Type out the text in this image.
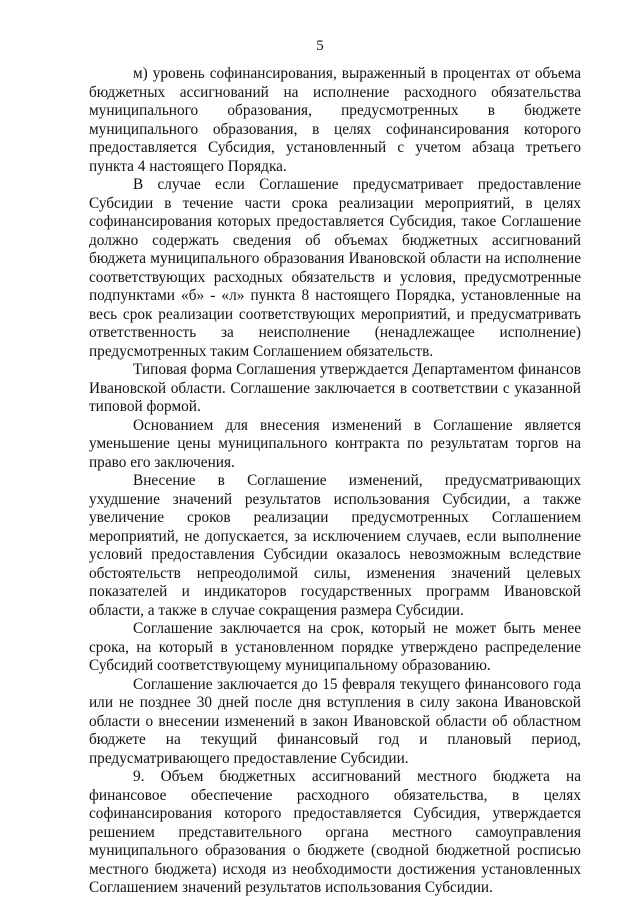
5

м) уровень софинансирования, выраженный в процентах от объема бюджетных ассигнований на исполнение расходного обязательства муниципального образования, предусмотренных в бюджете муниципального образования, в целях софинансирования которого предоставляется Субсидия, установленный с учетом абзаца третьего пункта 4 настоящего Порядка.

В случае если Соглашение предусматривает предоставление Субсидии в течение части срока реализации мероприятий, в целях софинансирования которых предоставляется Субсидия, такое Соглашение должно содержать сведения об объемах бюджетных ассигнований бюджета муниципального образования Ивановской области на исполнение соответствующих расходных обязательств и условия, предусмотренные подпунктами «б» - «л» пункта 8 настоящего Порядка, установленные на весь срок реализации соответствующих мероприятий, и предусматривать ответственность за неисполнение (ненадлежащее исполнение) предусмотренных таким Соглашением обязательств.

Типовая форма Соглашения утверждается Департаментом финансов Ивановской области. Соглашение заключается в соответствии с указанной типовой формой.

Основанием для внесения изменений в Соглашение является уменьшение цены муниципального контракта по результатам торгов на право его заключения.

Внесение в Соглашение изменений, предусматривающих ухудшение значений результатов использования Субсидии, а также увеличение сроков реализации предусмотренных Соглашением мероприятий, не допускается, за исключением случаев, если выполнение условий предоставления Субсидии оказалось невозможным вследствие обстоятельств непреодолимой силы, изменения значений целевых показателей и индикаторов государственных программ Ивановской области, а также в случае сокращения размера Субсидии.

Соглашение заключается на срок, который не может быть менее срока, на который в установленном порядке утверждено распределение Субсидий соответствующему муниципальному образованию.

Соглашение заключается до 15 февраля текущего финансового года или не позднее 30 дней после дня вступления в силу закона Ивановской области о внесении изменений в закон Ивановской области об областном бюджете на текущий финансовый год и плановый период, предусматривающего предоставление Субсидии.

9. Объем бюджетных ассигнований местного бюджета на финансовое обеспечение расходного обязательства, в целях софинансирования которого предоставляется Субсидия, утверждается решением представительного органа местного самоуправления муниципального образования о бюджете (сводной бюджетной росписью местного бюджета) исходя из необходимости достижения установленных Соглашением значений результатов использования Субсидии.
